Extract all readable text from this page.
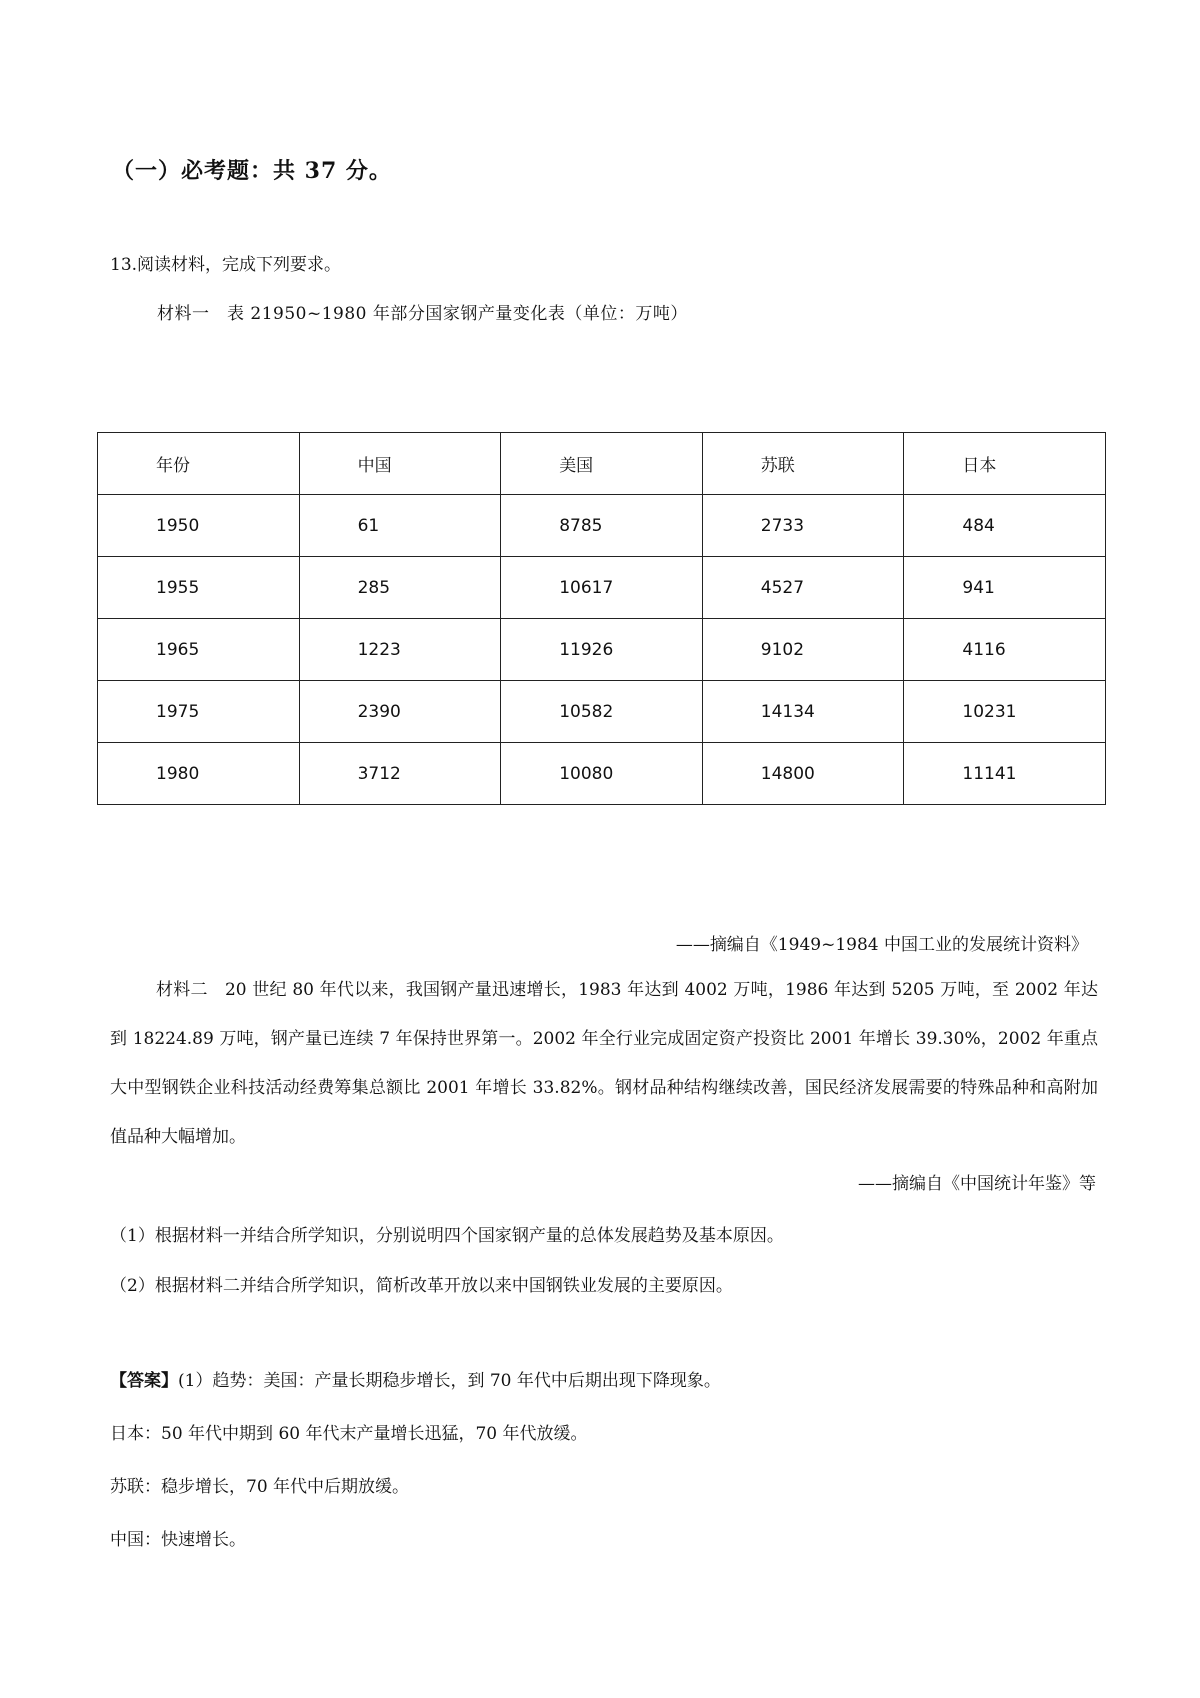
（一）必考题：共 37 分。
13.阅读材料，完成下列要求。
材料一　表 21950~1980 年部分国家钢产量变化表（单位：万吨）
年份	中国	美国	苏联	日本
1950	61	8785	2733	484
1955	285	10617	4527	941
1965	1223	11926	9102	4116
1975	2390	10582	14134	10231
1980	3712	10080	14800	11141
——摘编自《1949~1984 中国工业的发展统计资料》
材料二　20 世纪 80 年代以来，我国钢产量迅速增长，1983 年达到 4002 万吨，1986 年达到 5205 万吨，至 2002 年达到 18224.89 万吨，钢产量已连续 7 年保持世界第一。2002 年全行业完成固定资产投资比 2001 年增长 39.30%，2002 年重点大中型钢铁企业科技活动经费筹集总额比 2001 年增长 33.82%。钢材品种结构继续改善，国民经济发展需要的特殊品种和高附加值品种大幅增加。
——摘编自《中国统计年鉴》等
（1）根据材料一并结合所学知识，分别说明四个国家钢产量的总体发展趋势及基本原因。
（2）根据材料二并结合所学知识，简析改革开放以来中国钢铁业发展的主要原因。
【答案】(1）趋势：美国：产量长期稳步增长，到 70 年代中后期出现下降现象。
日本：50 年代中期到 60 年代末产量增长迅猛，70 年代放缓。
苏联：稳步增长，70 年代中后期放缓。
中国：快速增长。
